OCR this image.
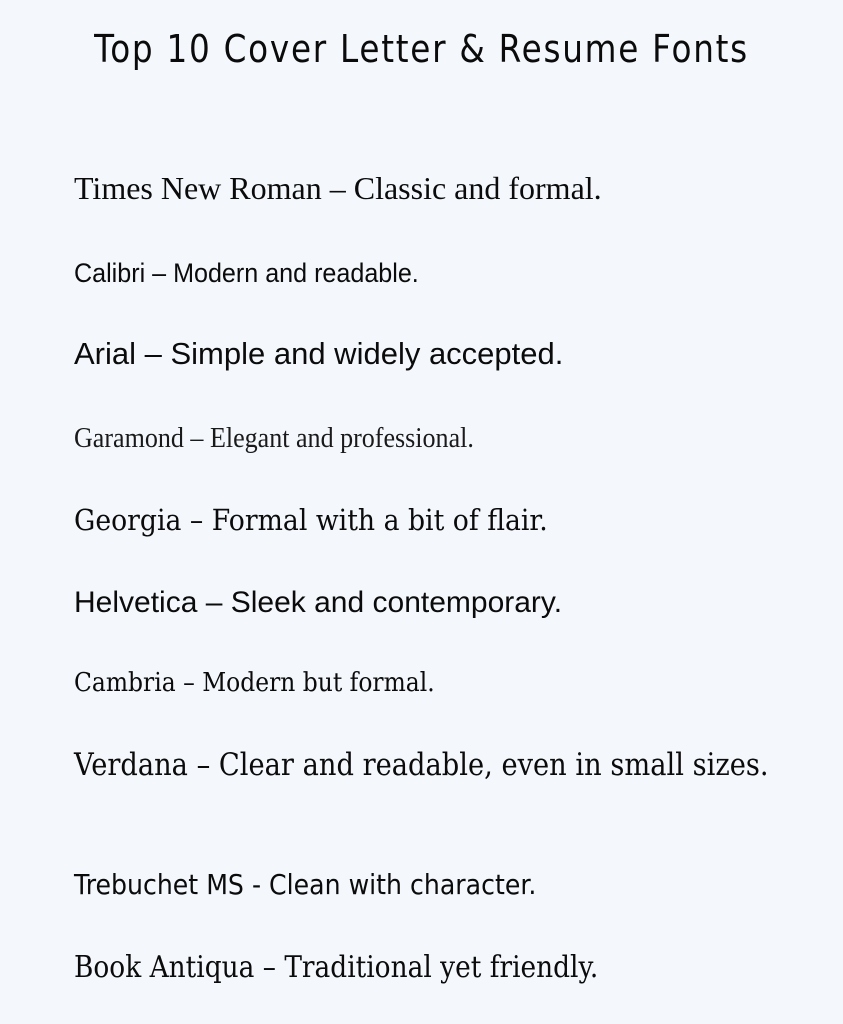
Top 10 Cover Letter & Resume Fonts

Times New Roman – Classic and formal.

Calibri – Modern and readable.

Arial – Simple and widely accepted.

Garamond – Elegant and professional.

Georgia – Formal with a bit of flair.

Helvetica – Sleek and contemporary.

Cambria – Modern but formal.

Verdana – Clear and readable, even in small sizes.

Trebuchet MS - Clean with character.

Book Antiqua – Traditional yet friendly.
